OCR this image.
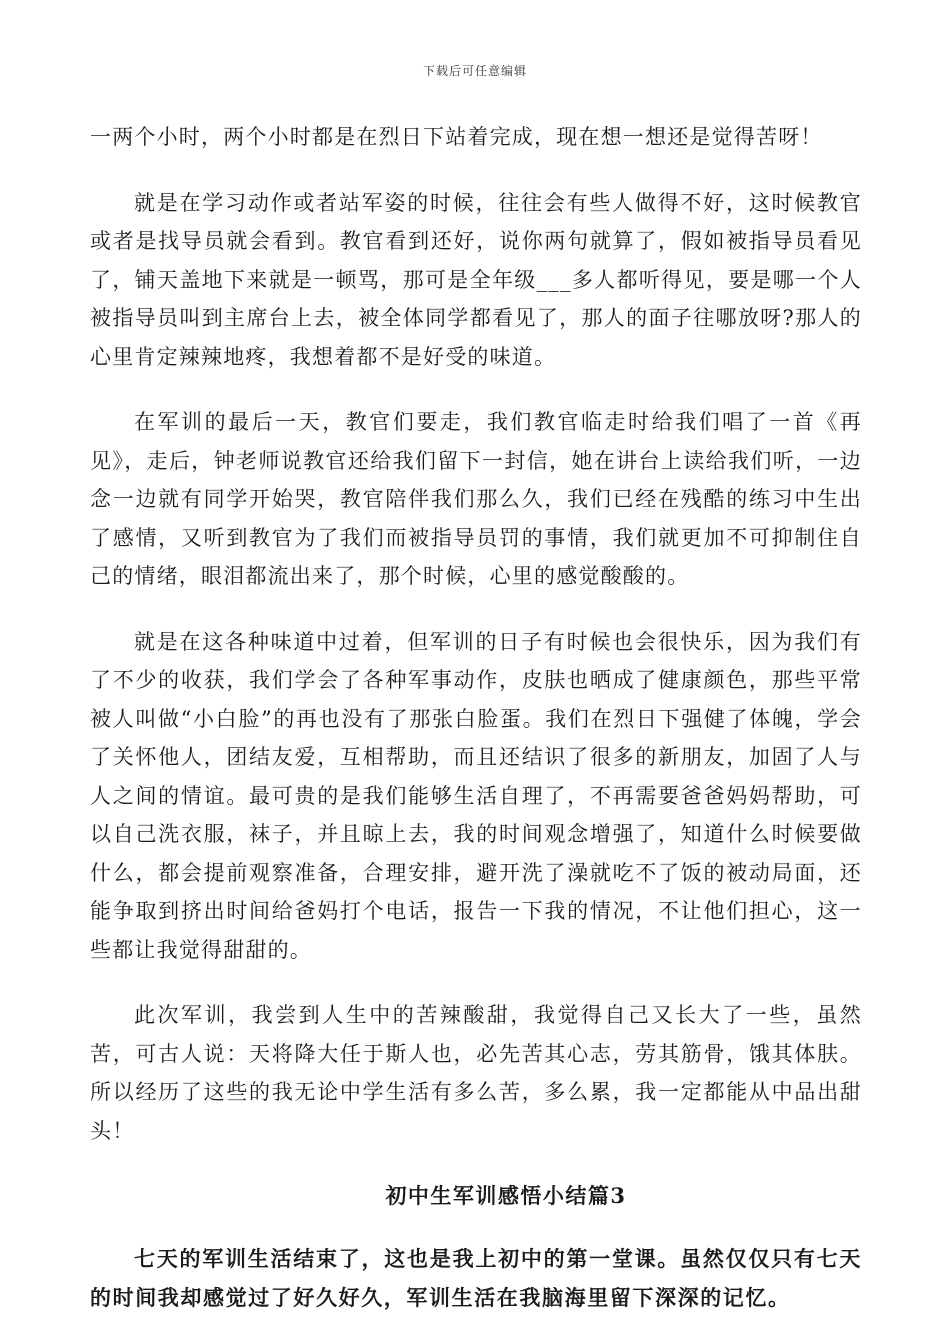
下载后可任意编辑

一两个小时，两个小时都是在烈日下站着完成，现在想一想还是觉得苦呀！

就是在学习动作或者站军姿的时候，往往会有些人做得不好，这时候教官或者是找导员就会看到。教官看到还好，说你两句就算了，假如被指导员看见了，铺天盖地下来就是一顿骂，那可是全年级___多人都听得见，要是哪一个人被指导员叫到主席台上去，被全体同学都看见了，那人的面子往哪放呀?那人的心里肯定辣辣地疼，我想着都不是好受的味道。

在军训的最后一天，教官们要走，我们教官临走时给我们唱了一首《再见》，走后，钟老师说教官还给我们留下一封信，她在讲台上读给我们听，一边念一边就有同学开始哭，教官陪伴我们那么久，我们已经在残酷的练习中生出了感情，又听到教官为了我们而被指导员罚的事情，我们就更加不可抑制住自己的情绪，眼泪都流出来了，那个时候，心里的感觉酸酸的。

就是在这各种味道中过着，但军训的日子有时候也会很快乐，因为我们有了不少的收获，我们学会了各种军事动作，皮肤也晒成了健康颜色，那些平常被人叫做“小白脸”的再也没有了那张白脸蛋。我们在烈日下强健了体魄，学会了关怀他人，团结友爱，互相帮助，而且还结识了很多的新朋友，加固了人与人之间的情谊。最可贵的是我们能够生活自理了，不再需要爸爸妈妈帮助，可以自己洗衣服，袜子，并且晾上去，我的时间观念增强了，知道什么时候要做什么，都会提前观察准备，合理安排，避开洗了澡就吃不了饭的被动局面，还能争取到挤出时间给爸妈打个电话，报告一下我的情况，不让他们担心，这一些都让我觉得甜甜的。

此次军训，我尝到人生中的苦辣酸甜，我觉得自己又长大了一些，虽然苦，可古人说：天将降大任于斯人也，必先苦其心志，劳其筋骨，饿其体肤。所以经历了这些的我无论中学生活有多么苦，多么累，我一定都能从中品出甜头！

初中生军训感悟小结篇3

七天的军训生活结束了，这也是我上初中的第一堂课。虽然仅仅只有七天的时间我却感觉过了好久好久，军训生活在我脑海里留下深深的记忆。
